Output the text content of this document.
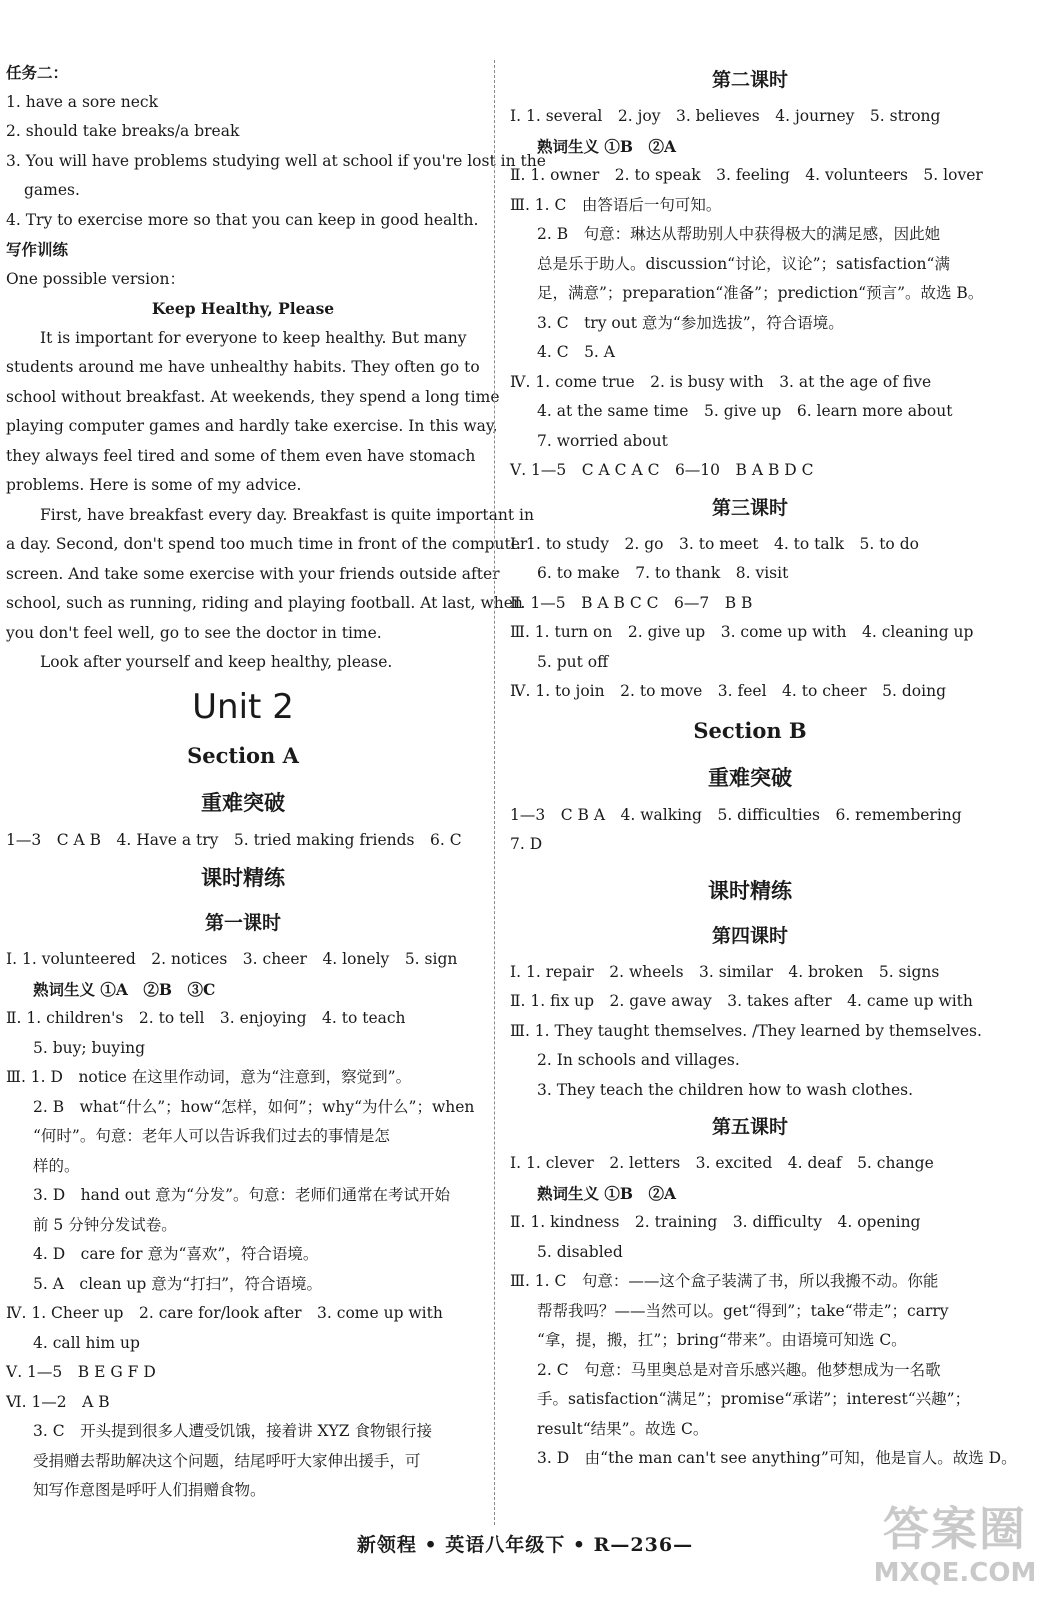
任务二：
1. have a sore neck
2. should take breaks/a break
3. You will have problems studying well at school if you're lost in the
games.
4. Try to exercise more so that you can keep in good health.
写作训练
One possible version：
Keep Healthy, Please
It is important for everyone to keep healthy. But many
students around me have unhealthy habits. They often go to
school without breakfast. At weekends, they spend a long time
playing computer games and hardly take exercise. In this way,
they always feel tired and some of them even have stomach
problems. Here is some of my advice.
First, have breakfast every day. Breakfast is quite important in
a day. Second, don't spend too much time in front of the computer
screen. And take some exercise with your friends outside after
school, such as running, riding and playing football. At last, when
you don't feel well, go to see the doctor in time.
Look after yourself and keep healthy, please.
Unit 2
Section A
重难突破
1—3　C A B　4. Have a try　5. tried making friends　6. C
课时精练
第一课时
Ⅰ. 1. volunteered　2. notices　3. cheer　4. lonely　5. sign
熟词生义 ①A　②B　③C
Ⅱ. 1. children's　2. to tell　3. enjoying　4. to teach
5. buy; buying
Ⅲ. 1. D　notice 在这里作动词，意为“注意到，察觉到”。
2. B　what“什么”；how“怎样，如何”；why“为什么”；when
“何时”。句意：老年人可以告诉我们过去的事情是怎
样的。
3. D　hand out 意为“分发”。句意：老师们通常在考试开始
前 5 分钟分发试卷。
4. D　care for 意为“喜欢”，符合语境。
5. A　clean up 意为“打扫”，符合语境。
Ⅳ. 1. Cheer up　2. care for/look after　3. come up with
4. call him up
Ⅴ. 1—5　B E G F D
Ⅵ. 1—2　A B
3. C　开头提到很多人遭受饥饿，接着讲 XYZ 食物银行接
受捐赠去帮助解决这个问题，结尾呼吁大家伸出援手，可
知写作意图是呼吁人们捐赠食物。
第二课时
Ⅰ. 1. several　2. joy　3. believes　4. journey　5. strong
熟词生义 ①B　②A
Ⅱ. 1. owner　2. to speak　3. feeling　4. volunteers　5. lover
Ⅲ. 1. C　由答语后一句可知。
2. B　句意：琳达从帮助别人中获得极大的满足感，因此她
总是乐于助人。discussion“讨论，议论”；satisfaction“满
足，满意”；preparation“准备”；prediction“预言”。故选 B。
3. C　try out 意为“参加选拔”，符合语境。
4. C　5. A
Ⅳ. 1. come true　2. is busy with　3. at the age of five
4. at the same time　5. give up　6. learn more about
7. worried about
Ⅴ. 1—5　C A C A C　6—10　B A B D C
第三课时
Ⅰ. 1. to study　2. go　3. to meet　4. to talk　5. to do
6. to make　7. to thank　8. visit
Ⅱ. 1—5　B A B C C　6—7　B B
Ⅲ. 1. turn on　2. give up　3. come up with　4. cleaning up
5. put off
Ⅳ. 1. to join　2. to move　3. feel　4. to cheer　5. doing
Section B
重难突破
1—3　C B A　4. walking　5. difficulties　6. remembering
7. D
课时精练
第四课时
Ⅰ. 1. repair　2. wheels　3. similar　4. broken　5. signs
Ⅱ. 1. fix up　2. gave away　3. takes after　4. came up with
Ⅲ. 1. They taught themselves. /They learned by themselves.
2. In schools and villages.
3. They teach the children how to wash clothes.
第五课时
Ⅰ. 1. clever　2. letters　3. excited　4. deaf　5. change
熟词生义 ①B　②A
Ⅱ. 1. kindness　2. training　3. difficulty　4. opening
5. disabled
Ⅲ. 1. C　句意：——这个盒子装满了书，所以我搬不动。你能
帮帮我吗？——当然可以。get“得到”；take“带走”；carry
“拿，提，搬，扛”；bring“带来”。由语境可知选 C。
2. C　句意：马里奥总是对音乐感兴趣。他梦想成为一名歌
手。satisfaction“满足”；promise“承诺”；interest“兴趣”；
result“结果”。故选 C。
3. D　由“the man can't see anything”可知，他是盲人。故选 D。
新领程 • 英语八年级下 • R—236—	答案圈
MXQE.COM
